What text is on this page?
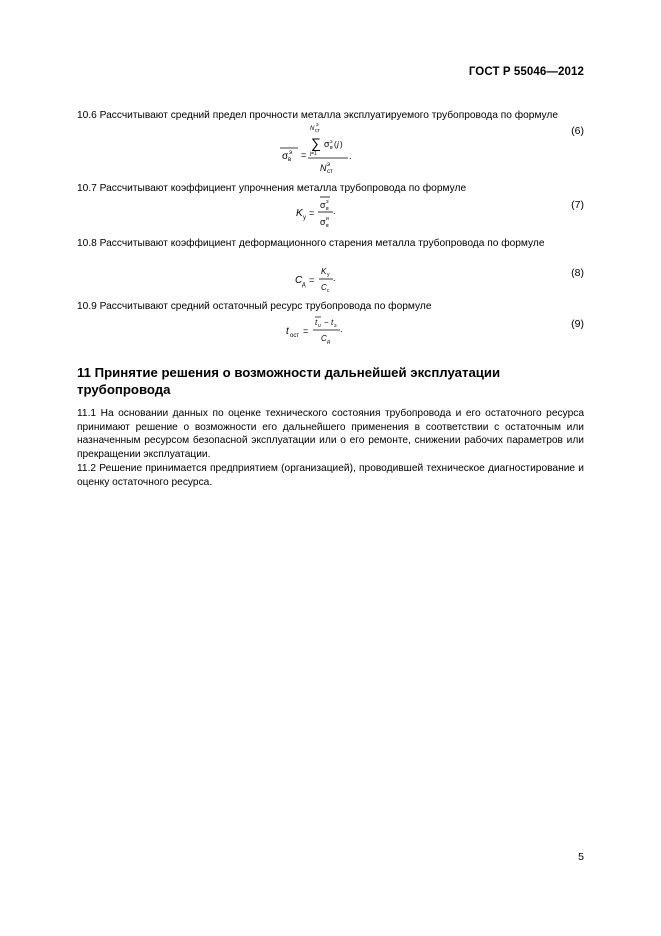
ГОСТ Р 55046—2012
10.6 Рассчитывают средний предел прочности металла эксплуатируемого трубопровода по формуле
σ в
э =
N ст
э
∑
j=1
σ в
э ( j )
N ст
э
.
(6)
10.7 Рассчитывают коэффициент упрочнения металла трубопровода по формуле
K у =
σ в
э
σ в
и
.	(7)
10.8 Рассчитывают коэффициент деформационного старения металла трубопровода по формуле
C д =
K у
C с
.	(8)
10.9 Рассчитывают средний остаточный ресурс трубопровода по формуле
t ост =
t и − t э
C д
.	(9)
11 Принятие решения о возможности дальнейшей эксплуатации трубопровода
11.1 На основании данных по оценке технического состояния трубопровода и его остаточного ресурса принимают решение о возможности его дальнейшего применения в соответствии с остаточным или назначенным ресурсом безопасной эксплуатации или о его ремонте, снижении рабочих параметров или прекращении эксплуатации.
11.2 Решение принимается предприятием (организацией), проводившей техническое диагностирование и оценку остаточного ресурса.
5
